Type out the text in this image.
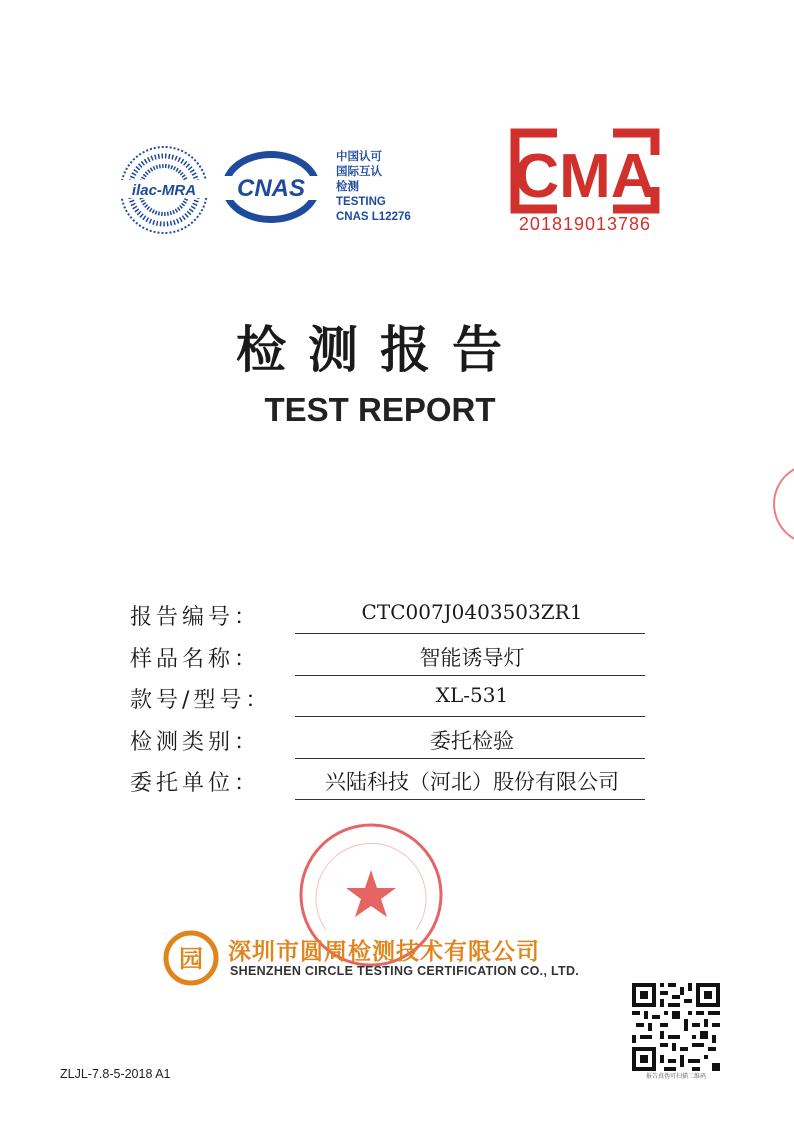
ilac-MRA CNAS
中国认可
国际互认
检测
TESTING
CNAS L12276
CMA
201819013786
检测报告
TEST REPORT
报告编号：	CTC007J0403503ZR1
样品名称：	智能诱导灯
款号/型号：	XL-531
检测类别：	委托检验
委托单位：	兴陆科技（河北）股份有限公司
园 深圳市圆周检测技术有限公司
SHENZHEN CIRCLE TESTING CERTIFICATION CO., LTD.
报告真伪可扫描二维码
ZLJL-7.8-5-2018 A1
